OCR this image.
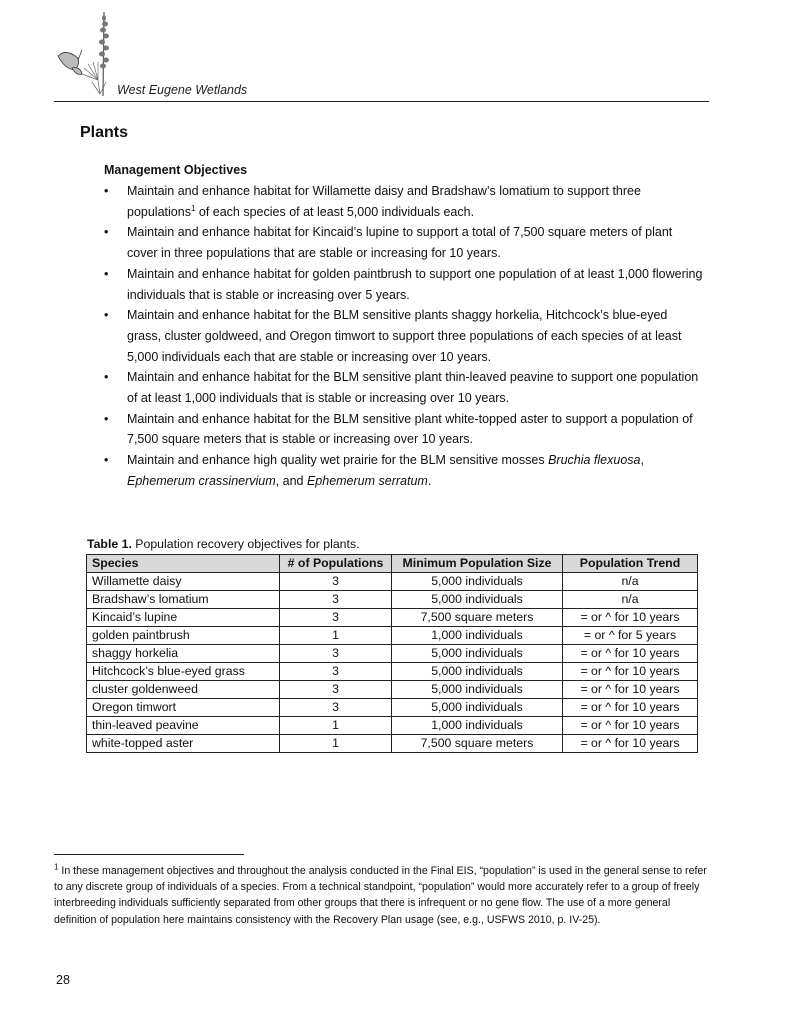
West Eugene Wetlands
Plants
Management Objectives
• Maintain and enhance habitat for Willamette daisy and Bradshaw’s lomatium to support three populations$^1$ of each species of at least 5,000 individuals each.
• Maintain and enhance habitat for Kincaid’s lupine to support a total of 7,500 square meters of plant cover in three populations that are stable or increasing for 10 years.
• Maintain and enhance habitat for golden paintbrush to support one population of at least 1,000 flowering individuals that is stable or increasing over 5 years.
• Maintain and enhance habitat for the BLM sensitive plants shaggy horkelia, Hitchcock’s blue-eyed grass, cluster goldweed, and Oregon timwort to support three populations of each species of at least 5,000 individuals each that are stable or increasing over 10 years.
• Maintain and enhance habitat for the BLM sensitive plant thin-leaved peavine to support one population of at least 1,000 individuals that is stable or increasing over 10 years.
• Maintain and enhance habitat for the BLM sensitive plant white-topped aster to support a population of 7,500 square meters that is stable or increasing over 10 years.
• Maintain and enhance high quality wet prairie for the BLM sensitive mosses Bruchia flexuosa, Ephemerum crassinervium, and Ephemerum serratum.
Table 1. Population recovery objectives for plants.
Species	# of Populations	Minimum Population Size	Population Trend
Willamette daisy	3	5,000 individuals	n/a
Bradshaw’s lomatium	3	5,000 individuals	n/a
Kincaid’s lupine	3	7,500 square meters	= or ^ for 10 years
golden paintbrush	1	1,000 individuals	= or ^ for 5 years
shaggy horkelia	3	5,000 individuals	= or ^ for 10 years
Hitchcock’s blue-eyed grass	3	5,000 individuals	= or ^ for 10 years
cluster goldenweed	3	5,000 individuals	= or ^ for 10 years
Oregon timwort	3	5,000 individuals	= or ^ for 10 years
thin-leaved peavine	1	1,000 individuals	= or ^ for 10 years
white-topped aster	1	7,500 square meters	= or ^ for 10 years
$^1$ In these management objectives and throughout the analysis conducted in the Final EIS, “population” is used in the general sense to refer to any discrete group of individuals of a species. From a technical standpoint, “population” would more accurately refer to a group of freely interbreeding individuals sufficiently separated from other groups that there is infrequent or no gene flow. The use of a more general definition of population here maintains consistency with the Recovery Plan usage (see, e.g., USFWS 2010, p. IV-25).
28
